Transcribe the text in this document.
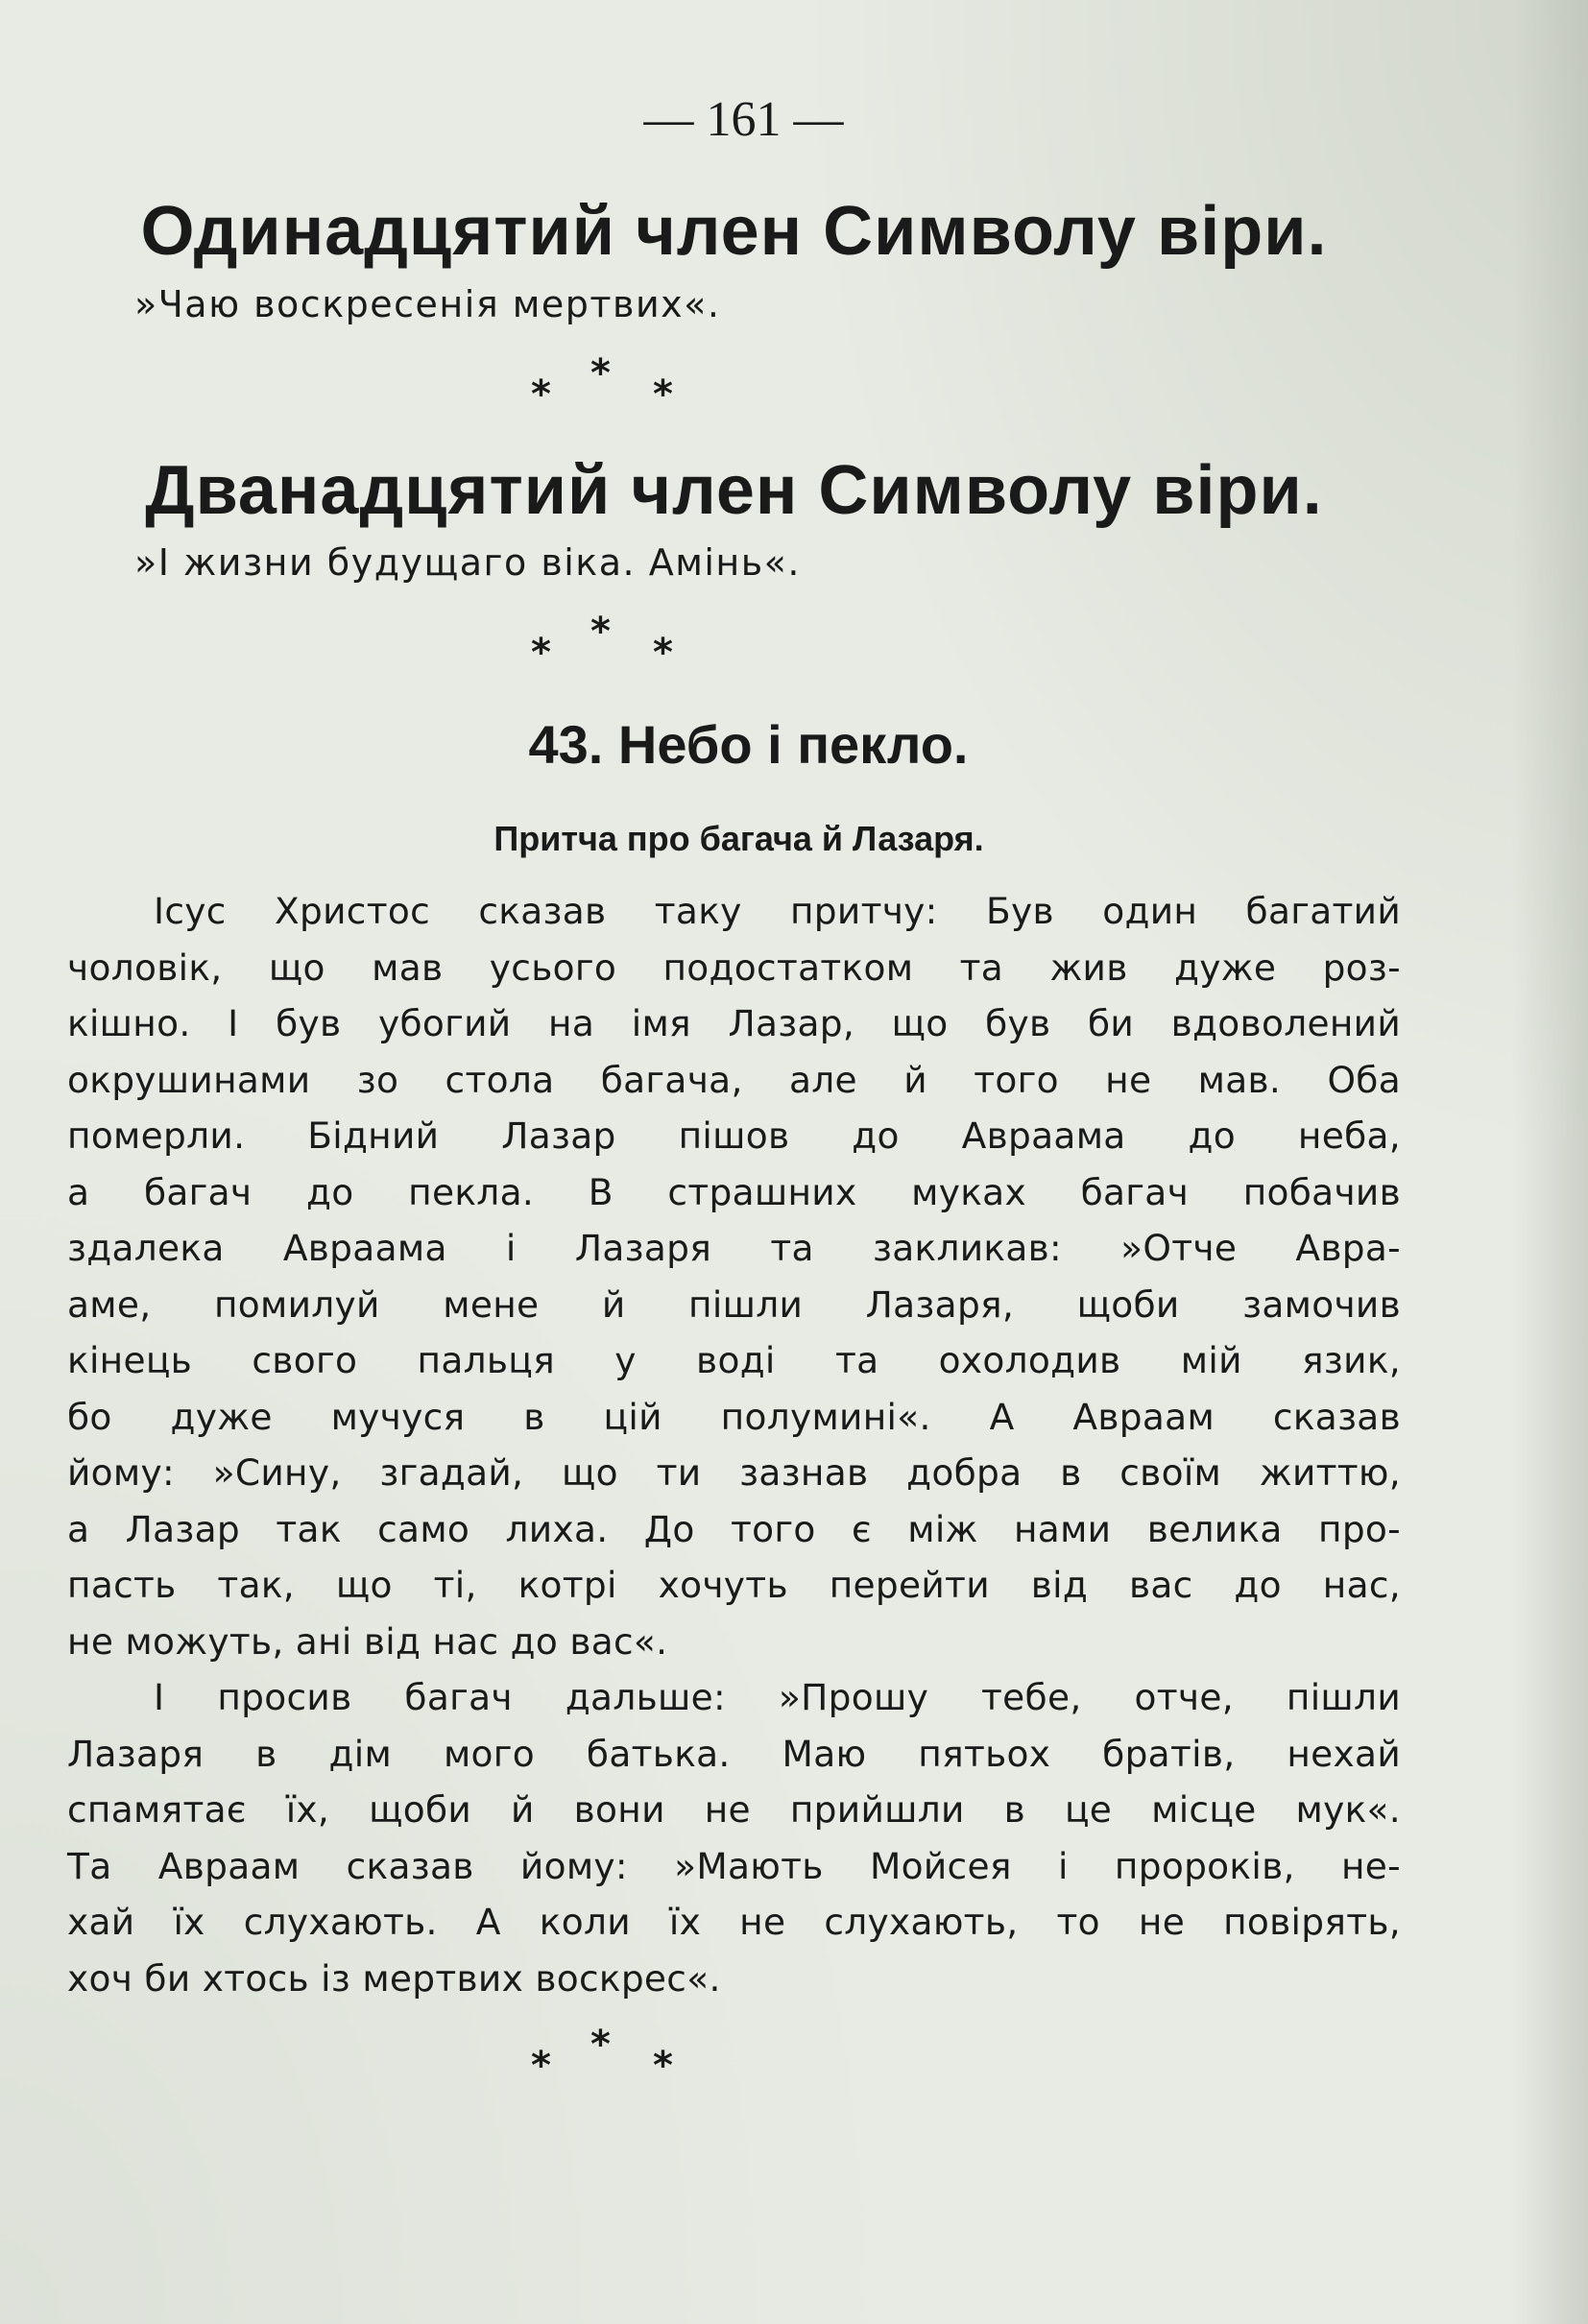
— 161 —
Одинадцятий член Символу віри.
»Чаю воскресенія мертвих«.
*
*	*
Дванадцятий член Символу віри.
»І жизни будущаго віка. Амінь«.
*
*	*
43. Небо і пекло.
Притча про багача й Лазаря.
Ісус Христос сказав таку притчу: Був один багатий
чоловік, що мав усього подостатком та жив дуже роз-
кішно. І був убогий на імя Лазар, що був би вдоволений
окрушинами зо стола багача, але й того не мав. Оба
померли. Бідний Лазар пішов до Авраама до неба,
а багач до пекла. В страшних муках багач побачив
здалека Авраама і Лазаря та закликав: »Отче Авра-
аме, помилуй мене й пішли Лазаря, щоби замочив
кінець свого пальця у воді та охолодив мій язик,
бо дуже мучуся в цій полумині«. А Авраам сказав
йому: »Сину, згадай, що ти зазнав добра в своїм життю,
а Лазар так само лиха. До того є між нами велика про-
пасть так, що ті, котрі хочуть перейти від вас до нас,
не можуть, ані від нас до вас«.
І просив багач дальше: »Прошу тебе, отче, пішли
Лазаря в дім мого батька. Маю пятьох братів, нехай
спамятає їх, щоби й вони не прийшли в це місце мук«.
Та Авраам сказав йому: »Мають Мойсея і пророків, не-
хай їх слухають. А коли їх не слухають, то не повірять,
хоч би хтось із мертвих воскрес«.
*
*	*
